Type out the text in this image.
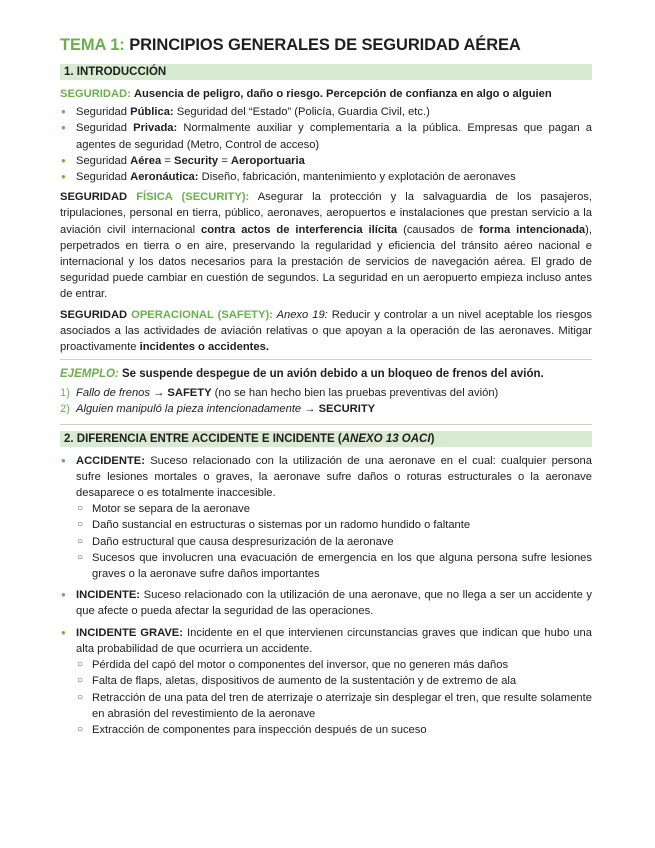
TEMA 1: PRINCIPIOS GENERALES DE SEGURIDAD AÉREA
1. INTRODUCCIÓN

SEGURIDAD: Ausencia de peligro, daño o riesgo. Percepción de confianza en algo o alguien

● Seguridad Pública: Seguridad del “Estado” (Policía, Guardia Civil, etc.)
● Seguridad Privada: Normalmente auxiliar y complementaria a la pública. Empresas que pagan a agentes de seguridad (Metro, Control de acceso)
● Seguridad Aérea = Security = Aeroportuaria
● Seguridad Aeronáutica: Diseño, fabricación, mantenimiento y explotación de aeronaves

SEGURIDAD FÍSICA (SECURITY): Asegurar la protección y la salvaguardia de los pasajeros, tripulaciones, personal en tierra, público, aeronaves, aeropuertos e instalaciones que prestan servicio a la aviación civil internacional contra actos de interferencia ilícita (causados de forma intencionada), perpetrados en tierra o en aire, preservando la regularidad y eficiencia del tránsito aéreo nacional e internacional y los datos necesarios para la prestación de servicios de navegación aérea. El grado de seguridad puede cambiar en cuestión de segundos. La seguridad en un aeropuerto empieza incluso antes de entrar.

SEGURIDAD OPERACIONAL (SAFETY): Anexo 19: Reducir y controlar a un nivel aceptable los riesgos asociados a las actividades de aviación relativas o que apoyan a la operación de las aeronaves. Mitigar proactivamente incidentes o accidentes.

EJEMPLO: Se suspende despegue de un avión debido a un bloqueo de frenos del avión.
1) Fallo de frenos → SAFETY (no se han hecho bien las pruebas preventivas del avión)
2) Alguien manipuló la pieza intencionadamente → SECURITY
2. DIFERENCIA ENTRE ACCIDENTE E INCIDENTE (ANEXO 13 OACI)
● ACCIDENTE: Suceso relacionado con la utilización de una aeronave en el cual: cualquier persona sufre lesiones mortales o graves, la aeronave sufre daños o roturas estructurales o la aeronave desaparece o es totalmente inaccesible.
○ Motor se separa de la aeronave
○ Daño sustancial en estructuras o sistemas por un radomo hundido o faltante
○ Daño estructural que causa despresurización de la aeronave
○ Sucesos que involucren una evacuación de emergencia en los que alguna persona sufre lesiones graves o la aeronave sufre daños importantes
● INCIDENTE: Suceso relacionado con la utilización de una aeronave, que no llega a ser un accidente y que afecte o pueda afectar la seguridad de las operaciones.
● INCIDENTE GRAVE: Incidente en el que intervienen circunstancias graves que indican que hubo una alta probabilidad de que ocurriera un accidente.
○ Pérdida del capó del motor o componentes del inversor, que no generen más daños
○ Falta de flaps, aletas, dispositivos de aumento de la sustentación y de extremo de ala
○ Retracción de una pata del tren de aterrizaje o aterrizaje sin desplegar el tren, que resulte solamente en abrasión del revestimiento de la aeronave
○ Extracción de componentes para inspección después de un suceso
